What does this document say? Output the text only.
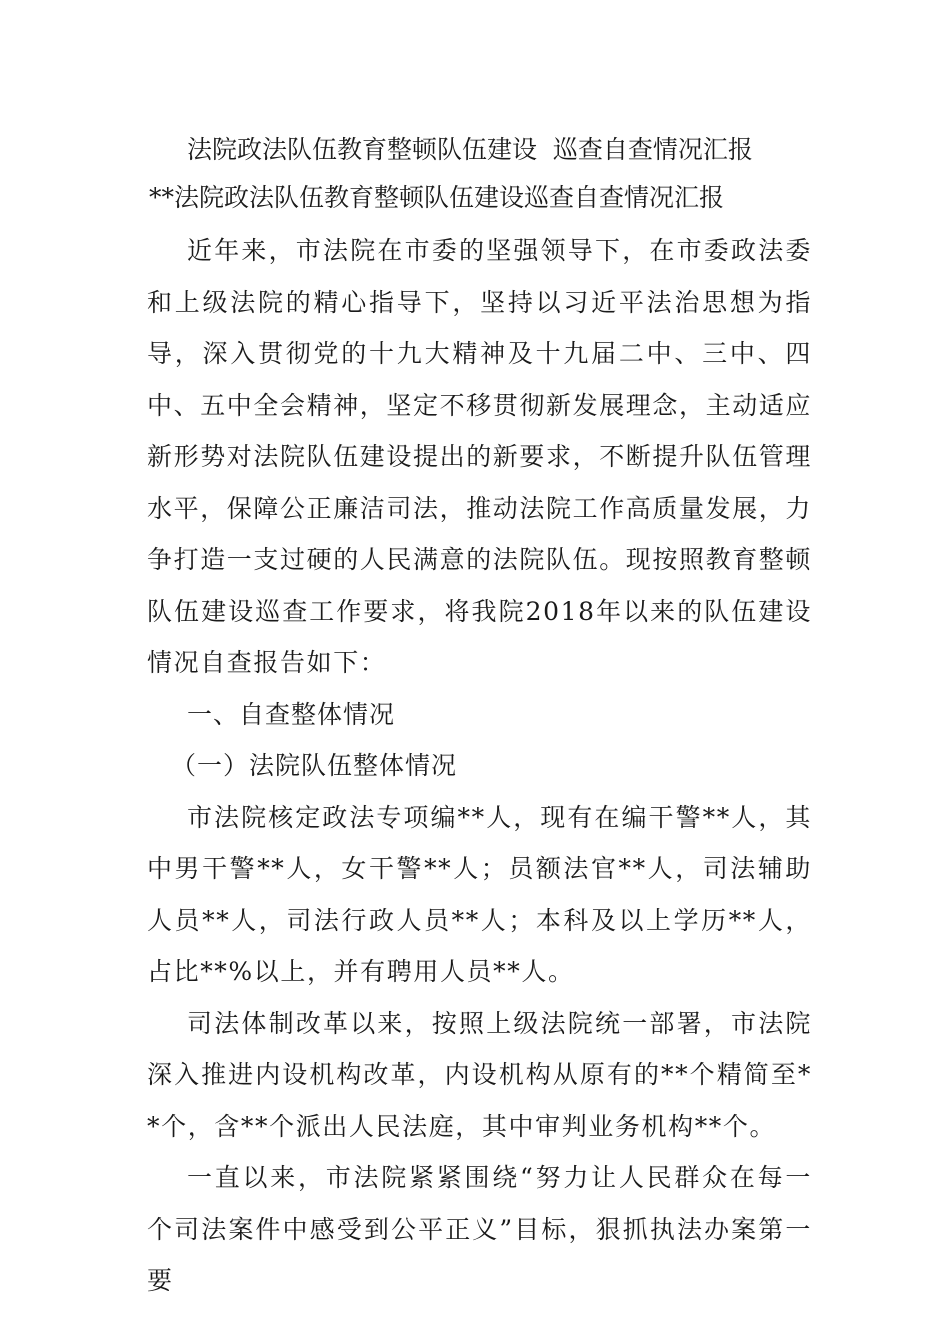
法院政法队伍教育整顿队伍建设  巡查自查情况汇报

**法院政法队伍教育整顿队伍建设巡查自查情况汇报

近年来，市法院在市委的坚强领导下，在市委政法委和上级法院的精心指导下，坚持以习近平法治思想为指导，深入贯彻党的十九大精神及十九届二中、三中、四中、五中全会精神，坚定不移贯彻新发展理念，主动适应新形势对法院队伍建设提出的新要求，不断提升队伍管理水平，保障公正廉洁司法，推动法院工作高质量发展，力争打造一支过硬的人民满意的法院队伍。现按照教育整顿队伍建设巡查工作要求，将我院2018年以来的队伍建设情况自查报告如下：

一、自查整体情况

（一）法院队伍整体情况

市法院核定政法专项编**人，现有在编干警**人，其中男干警**人，女干警**人；员额法官**人，司法辅助人员**人，司法行政人员**人；本科及以上学历**人，占比**%以上，并有聘用人员**人。

司法体制改革以来，按照上级法院统一部署，市法院深入推进内设机构改革，内设机构从原有的**个精简至**个，含**个派出人民法庭，其中审判业务机构**个。

一直以来，市法院紧紧围绕“努力让人民群众在每一个司法案件中感受到公平正义”目标，狠抓执法办案第一要
